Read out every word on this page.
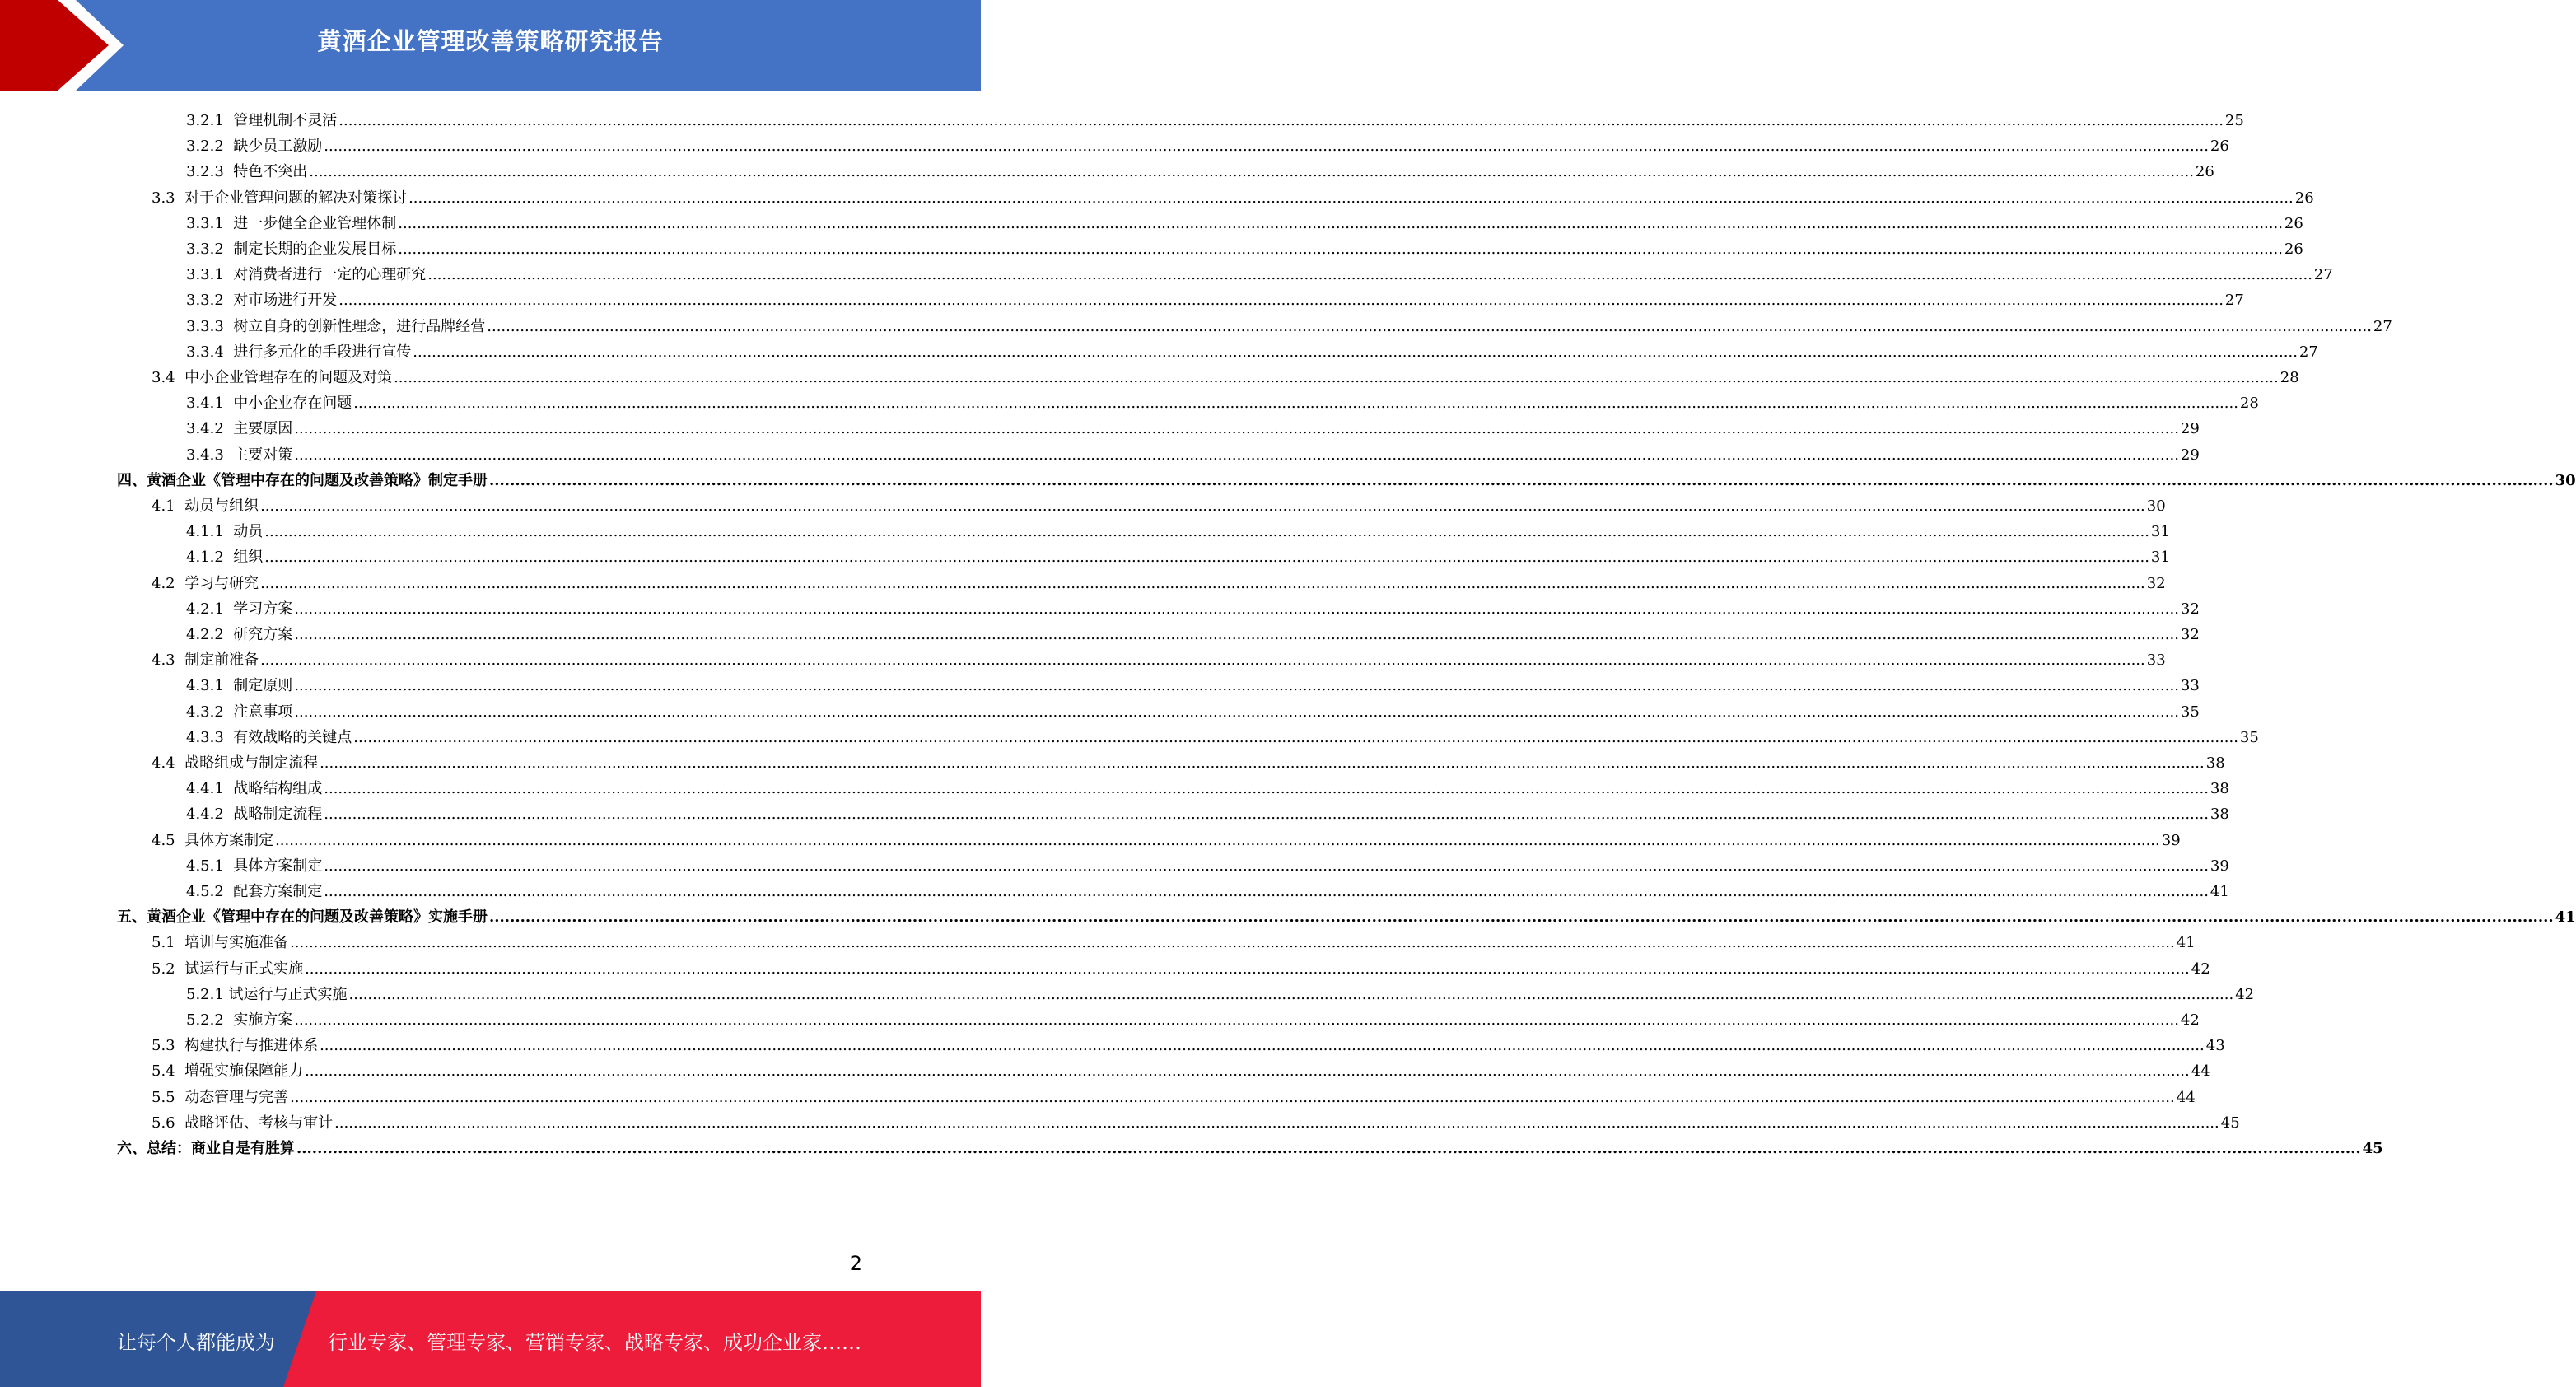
黄酒企业管理改善策略研究报告
3.2.1  管理机制不灵活 ................................................................................................................................................................................................................................................................................................................................................................................................................ 25
3.2.2  缺少员工激励 ................................................................................................................................................................................................................................................................................................................................................................................................................ 26
3.2.3  特色不突出 ................................................................................................................................................................................................................................................................................................................................................................................................................ 26
3.3  对于企业管理问题的解决对策探讨 ................................................................................................................................................................................................................................................................................................................................................................................................................ 26
3.3.1  进一步健全企业管理体制 ................................................................................................................................................................................................................................................................................................................................................................................................................ 26
3.3.2  制定长期的企业发展目标 ................................................................................................................................................................................................................................................................................................................................................................................................................ 26
3.3.1  对消费者进行一定的心理研究 ................................................................................................................................................................................................................................................................................................................................................................................................................ 27
3.3.2  对市场进行开发 ................................................................................................................................................................................................................................................................................................................................................................................................................ 27
3.3.3  树立自身的创新性理念，进行品牌经营 ................................................................................................................................................................................................................................................................................................................................................................................................................ 27
3.3.4  进行多元化的手段进行宣传 ................................................................................................................................................................................................................................................................................................................................................................................................................ 27
3.4  中小企业管理存在的问题及对策 ................................................................................................................................................................................................................................................................................................................................................................................................................ 28
3.4.1  中小企业存在问题 ................................................................................................................................................................................................................................................................................................................................................................................................................ 28
3.4.2  主要原因 ................................................................................................................................................................................................................................................................................................................................................................................................................ 29
3.4.3  主要对策 ................................................................................................................................................................................................................................................................................................................................................................................................................ 29
四、黄酒企业《管理中存在的问题及改善策略》制定手册 ................................................................................................................................................................................................................................................................................................................................................................................................................ 30
4.1  动员与组织 ................................................................................................................................................................................................................................................................................................................................................................................................................ 30
4.1.1  动员 ................................................................................................................................................................................................................................................................................................................................................................................................................ 31
4.1.2  组织 ................................................................................................................................................................................................................................................................................................................................................................................................................ 31
4.2  学习与研究 ................................................................................................................................................................................................................................................................................................................................................................................................................ 32
4.2.1  学习方案 ................................................................................................................................................................................................................................................................................................................................................................................................................ 32
4.2.2  研究方案 ................................................................................................................................................................................................................................................................................................................................................................................................................ 32
4.3  制定前准备 ................................................................................................................................................................................................................................................................................................................................................................................................................ 33
4.3.1  制定原则 ................................................................................................................................................................................................................................................................................................................................................................................................................ 33
4.3.2  注意事项 ................................................................................................................................................................................................................................................................................................................................................................................................................ 35
4.3.3  有效战略的关键点 ................................................................................................................................................................................................................................................................................................................................................................................................................ 35
4.4  战略组成与制定流程 ................................................................................................................................................................................................................................................................................................................................................................................................................ 38
4.4.1  战略结构组成 ................................................................................................................................................................................................................................................................................................................................................................................................................ 38
4.4.2  战略制定流程 ................................................................................................................................................................................................................................................................................................................................................................................................................ 38
4.5  具体方案制定 ................................................................................................................................................................................................................................................................................................................................................................................................................ 39
4.5.1  具体方案制定 ................................................................................................................................................................................................................................................................................................................................................................................................................ 39
4.5.2  配套方案制定 ................................................................................................................................................................................................................................................................................................................................................................................................................ 41
五、黄酒企业《管理中存在的问题及改善策略》实施手册 ................................................................................................................................................................................................................................................................................................................................................................................................................ 41
5.1  培训与实施准备 ................................................................................................................................................................................................................................................................................................................................................................................................................ 41
5.2  试运行与正式实施 ................................................................................................................................................................................................................................................................................................................................................................................................................ 42
5.2.1 试运行与正式实施 ................................................................................................................................................................................................................................................................................................................................................................................................................ 42
5.2.2  实施方案 ................................................................................................................................................................................................................................................................................................................................................................................................................ 42
5.3  构建执行与推进体系 ................................................................................................................................................................................................................................................................................................................................................................................................................ 43
5.4  增强实施保障能力 ................................................................................................................................................................................................................................................................................................................................................................................................................ 44
5.5  动态管理与完善 ................................................................................................................................................................................................................................................................................................................................................................................................................ 44
5.6  战略评估、考核与审计 ................................................................................................................................................................................................................................................................................................................................................................................................................ 45
六、总结：商业自是有胜算 ................................................................................................................................................................................................................................................................................................................................................................................................................ 45
2
让每个人都能成为	行业专家、管理专家、营销专家、战略专家、成功企业家……
